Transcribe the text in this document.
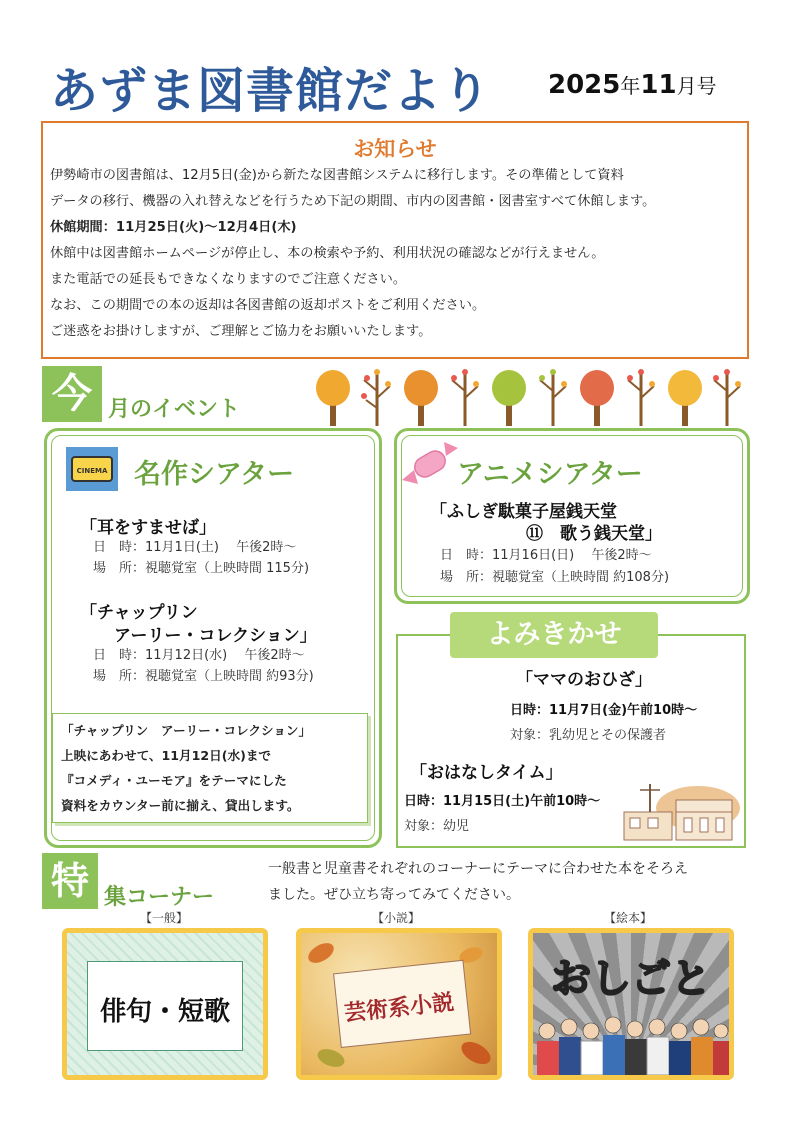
あずま図書館だより 2025年11月号
お知らせ

伊勢崎市の図書館は、12月5日(金)から新たな図書館システムに移行します。その準備として資料

データの移行、機器の入れ替えなどを行うため下記の期間、市内の図書館・図書室すべて休館します。

休館期間：11月25日(火)～12月4日(木)

休館中は図書館ホームページが停止し、本の検索や予約、利用状況の確認などが行えません。

また電話での延長もできなくなりますのでご注意ください。

なお、この期間での本の返却は各図書館の返却ポストをご利用ください。

ご迷惑をお掛けしますが、ご理解とご協力をお願いいたします。

今 月のイベント
CINEMA 名作シアター
「耳をすませば」
日　時：11月1日(土)　 午後2時～
場　所：視聴覚室（上映時間 115分)
「チャップリン
アーリー・コレクション」
日　時：11月12日(水)　 午後2時～
場　所：視聴覚室（上映時間 約93分)
「チャップリン　アーリー・コレクション」
上映にあわせて、11月12日(水)まで
『コメディ・ユーモア』をテーマにした
資料をカウンター前に揃え、貸出します。
アニメシアター
「ふしぎ駄菓子屋銭天堂
⑪　歌う銭天堂」
日　時：11月16日(日)　 午後2時～
場　所：視聴覚室（上映時間 約108分)
よみきかせ
「ママのおひざ」
日時：11月7日(金)午前10時～
対象：乳幼児とその保護者
「おはなしタイム」
日時：11月15日(土)午前10時～
対象：幼児
特 集コーナー
一般書と児童書それぞれのコーナーにテーマに合わせた本をそろえ
ました。ぜひ立ち寄ってみてください。
【一般】
俳句・短歌
【小説】
芸術系小説
【絵本】
おしごと
